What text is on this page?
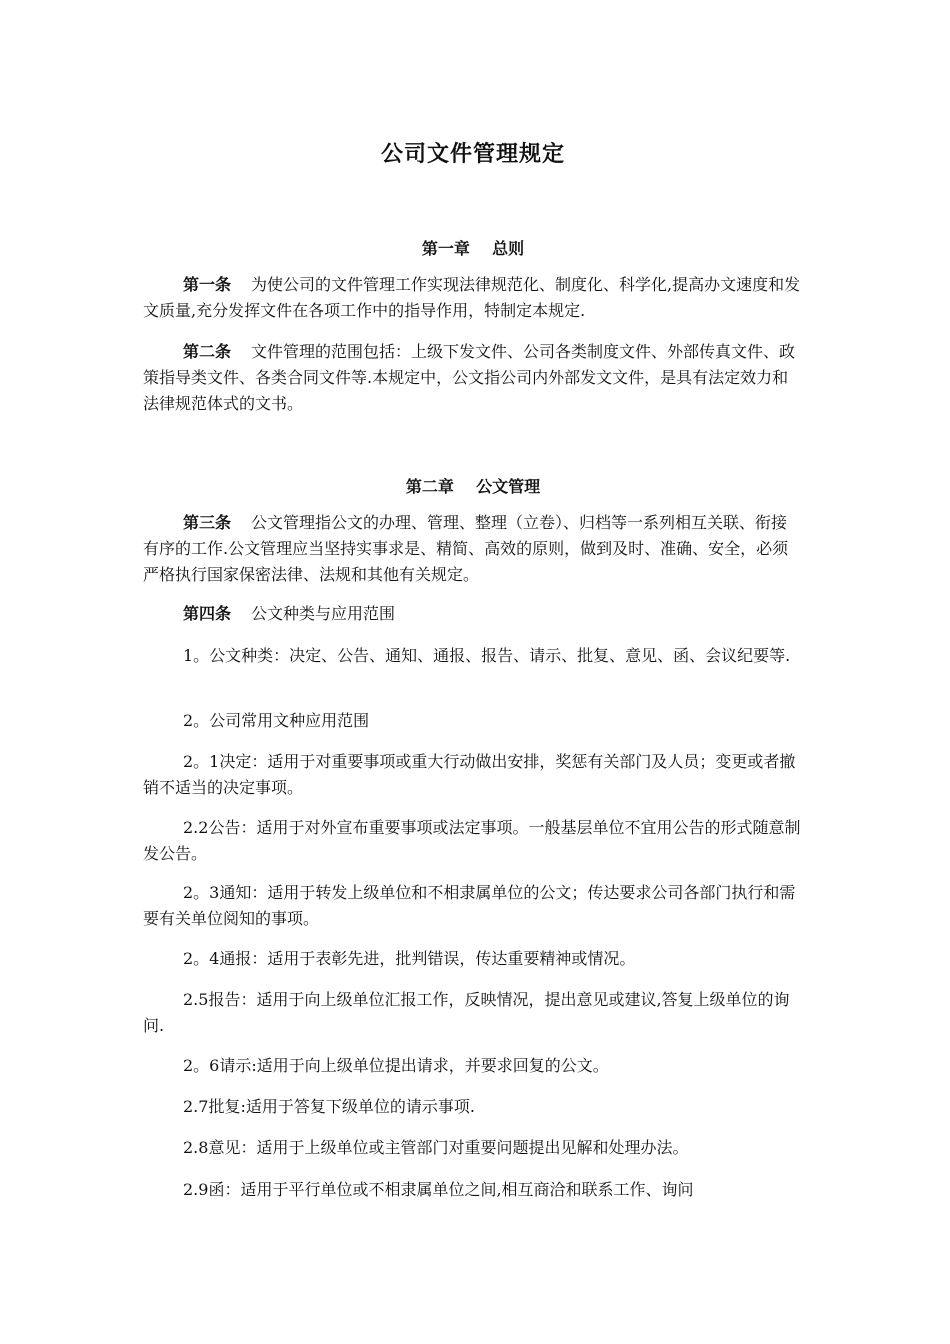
公司文件管理规定
第一章    总则

第一条 为使公司的文件管理工作实现法律规范化、制度化、科学化,提高办文速度和发文质量,充分发挥文件在各项工作中的指导作用，特制定本规定.

第二条 文件管理的范围包括：上级下发文件、公司各类制度文件、外部传真文件、政策指导类文件、各类合同文件等.本规定中，公文指公司内外部发文文件，是具有法定效力和法律规范体式的文书。

第二章    公文管理

第三条 公文管理指公文的办理、管理、整理（立卷）、归档等一系列相互关联、衔接有序的工作.公文管理应当坚持实事求是、精简、高效的原则，做到及时、准确、安全，必须严格执行国家保密法律、法规和其他有关规定。

第四条 公文种类与应用范围

1。公文种类：决定、公告、通知、通报、报告、请示、批复、意见、函、会议纪要等.

2。公司常用文种应用范围

2。1决定：适用于对重要事项或重大行动做出安排，奖惩有关部门及人员；变更或者撤销不适当的决定事项。

2.2公告：适用于对外宣布重要事项或法定事项。一般基层单位不宜用公告的形式随意制发公告。

2。3通知：适用于转发上级单位和不相隶属单位的公文；传达要求公司各部门执行和需要有关单位阅知的事项。

2。4通报：适用于表彰先进，批判错误，传达重要精神或情况。

2.5报告：适用于向上级单位汇报工作，反映情况，提出意见或建议,答复上级单位的询问.

2。6请示:适用于向上级单位提出请求，并要求回复的公文。

2.7批复:适用于答复下级单位的请示事项.

2.8意见：适用于上级单位或主管部门对重要问题提出见解和处理办法。

2.9函：适用于平行单位或不相隶属单位之间,相互商洽和联系工作、询问
